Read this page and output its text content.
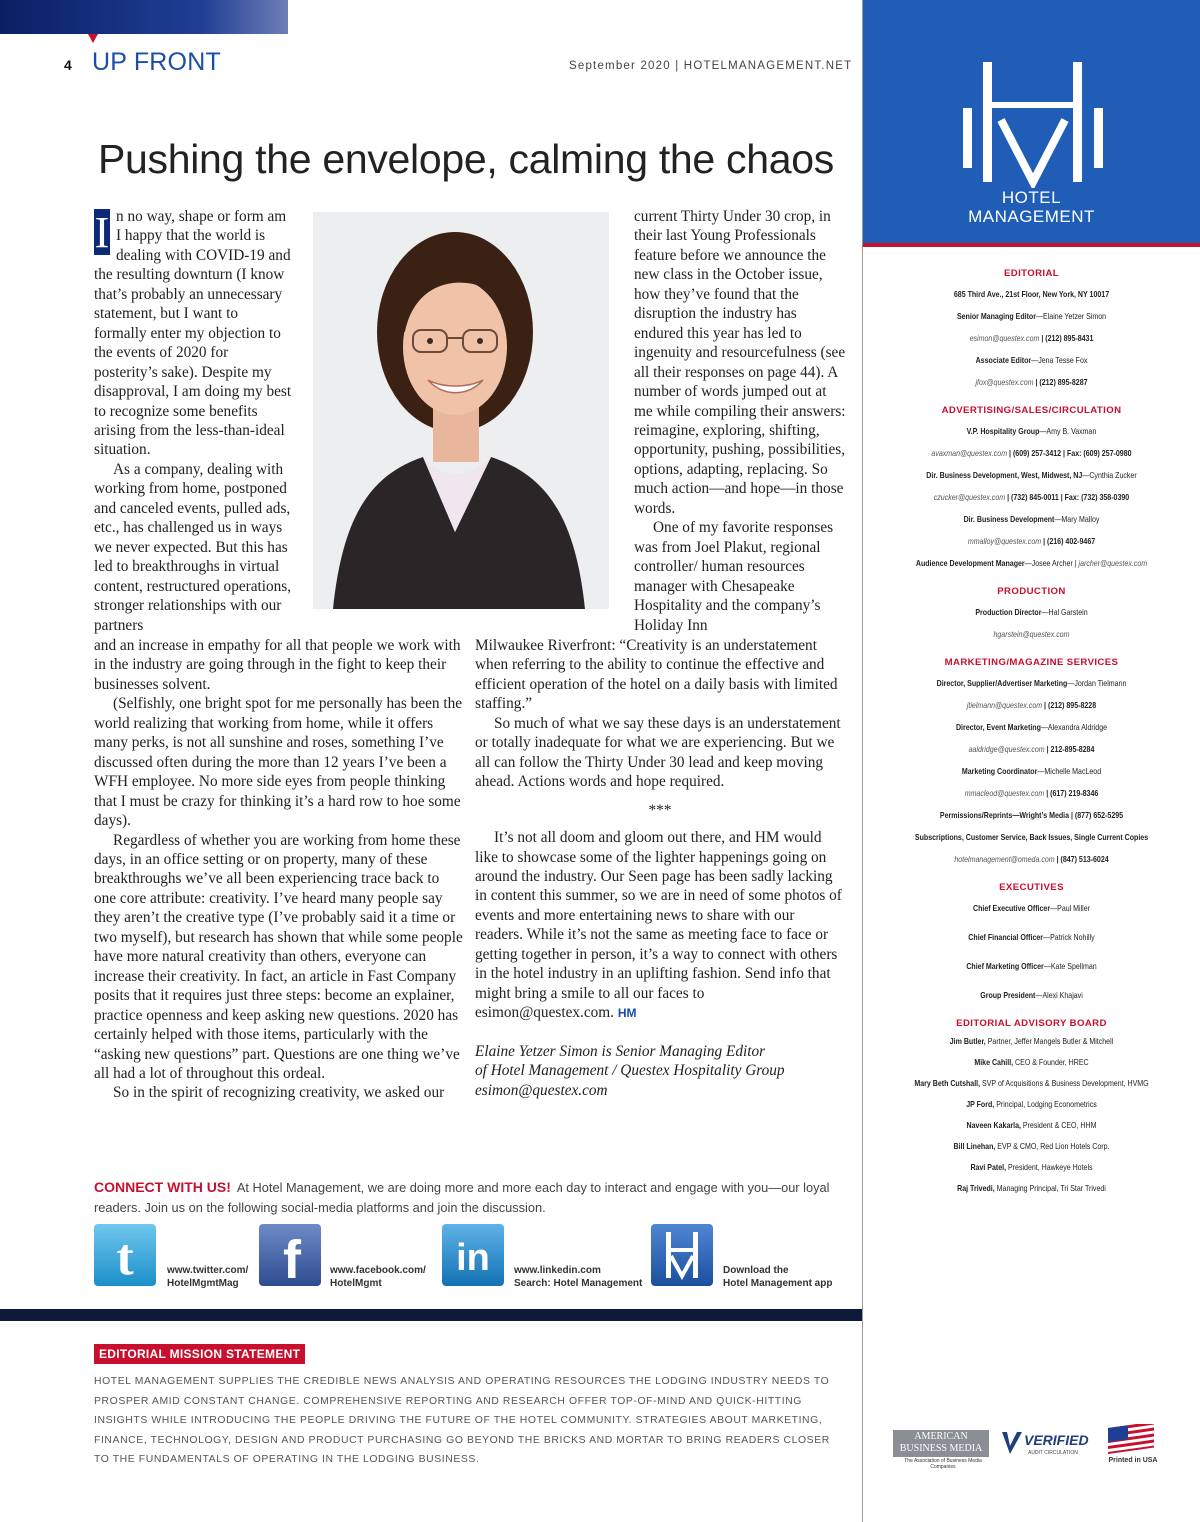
4 UP FRONT	September 2020 | HOTELMANAGEMENT.NET
Pushing the envelope, calming the chaos
I n no way, shape or form am I happy that the world is dealing with COVID-19 and the resulting downturn (I know that’s probably an unnecessary statement, but I want to formally enter my objection to the events of 2020 for posterity’s sake). Despite my disapproval, I am doing my best to recognize some benefits arising from the less-than-ideal situation.

As a company, dealing with working from home, postponed and canceled events, pulled ads, etc., has challenged us in ways we never expected. But this has led to breakthroughs in virtual content, restructured operations, stronger relationships with our partners

current Thirty Under 30 crop, in their last Young Professionals feature before we announce the new class in the October issue, how they’ve found that the disruption the industry has endured this year has led to ingenuity and resourcefulness (see all their responses on page 44). A number of words jumped out at me while compiling their answers: reimagine, exploring, shifting, opportunity, pushing, possibilities, options, adapting, replacing. So much action—and hope—in those words.

One of my favorite responses was from Joel Plakut, regional controller/ human resources manager with Chesapeake Hospitality and the company’s Holiday Inn

and an increase in empathy for all that people we work with in the industry are going through in the fight to keep their businesses solvent.

(Selfishly, one bright spot for me personally has been the world realizing that working from home, while it offers many perks, is not all sunshine and roses, something I’ve discussed often during the more than 12 years I’ve been a WFH employee. No more side eyes from people thinking that I must be crazy for thinking it’s a hard row to hoe some days).

Regardless of whether you are working from home these days, in an office setting or on property, many of these breakthroughs we’ve all been experiencing trace back to one core attribute: creativity. I’ve heard many people say they aren’t the creative type (I’ve probably said it a time or two myself), but research has shown that while some people have more natural creativity than others, everyone can increase their creativity. In fact, an article in Fast Company posits that it requires just three steps: become an explainer, practice openness and keep asking new questions. 2020 has certainly helped with those items, particularly with the “asking new questions” part. Questions are one thing we’ve all had a lot of throughout this ordeal.

So in the spirit of recognizing creativity, we asked our

Milwaukee Riverfront: “Creativity is an understatement when referring to the ability to continue the effective and efficient operation of the hotel on a daily basis with limited staffing.”

So much of what we say these days is an understatement or totally inadequate for what we are experiencing. But we all can follow the Thirty Under 30 lead and keep moving ahead. Actions words and hope required.

***

It’s not all doom and gloom out there, and HM would like to showcase some of the lighter happenings going on around the industry. Our Seen page has been sadly lacking in content this summer, so we are in need of some photos of events and more entertaining news to share with our readers. While it’s not the same as meeting face to face or getting together in person, it’s a way to connect with others in the hotel industry in an uplifting fashion. Send info that might bring a smile to all our faces to esimon@questex.com. HM

Elaine Yetzer Simon is Senior Managing Editor

of Hotel Management / Questex Hospitality Group

esimon@questex.com

CONNECT WITH US! At Hotel Management, we are doing more and more each day to interact and engage with you—our loyal readers. Join us on the following social-media platforms and join the discussion.
t	www.twitter.com/
HotelMgmtMag f	www.facebook.com/
HotelMgmt
in www.linkedin.com
Search: Hotel Management
Download the
Hotel Management app
EDITORIAL MISSION STATEMENT
HOTEL MANAGEMENT SUPPLIES THE CREDIBLE NEWS ANALYSIS AND OPERATING RESOURCES THE LODGING INDUSTRY NEEDS TO PROSPER AMID CONSTANT CHANGE. COMPREHENSIVE REPORTING AND RESEARCH OFFER TOP-OF-MIND AND QUICK-HITTING INSIGHTS WHILE INTRODUCING THE PEOPLE DRIVING THE FUTURE OF THE HOTEL COMMUNITY. STRATEGIES ABOUT MARKETING, FINANCE, TECHNOLOGY, DESIGN AND PRODUCT PURCHASING GO BEYOND THE BRICKS AND MORTAR TO BRING READERS CLOSER TO THE FUNDAMENTALS OF OPERATING IN THE LODGING BUSINESS.
HOTEL
MANAGEMENT
EDITORIAL
685 Third Ave., 21st Floor, New York, NY 10017
Senior Managing Editor—Elaine Yetzer Simon
esimon@questex.com | (212) 895-8431
Associate Editor—Jena Tesse Fox
jfox@questex.com | (212) 895-8287
ADVERTISING/SALES/CIRCULATION
V.P. Hospitality Group—Amy B. Vaxman
avaxman@questex.com | (609) 257-3412 | Fax: (609) 257-0980
Dir. Business Development, West, Midwest, NJ—Cynthia Zucker
czucker@questex.com | (732) 845-0011 | Fax: (732) 358-0390
Dir. Business Development—Mary Malloy
mmalloy@questex.com | (216) 402-9467
Audience Development Manager—Josee Archer | jarcher@questex.com
PRODUCTION
Production Director—Hal Garstein
hgarstein@questex.com
MARKETING/MAGAZINE SERVICES
Director, Supplier/Advertiser Marketing—Jordan Tielmann
jtielmann@questex.com | (212) 895-8228
Director, Event Marketing—Alexandra Aldridge
aaldridge@questex.com | 212-895-8284
Marketing Coordinator—Michelle MacLeod
mmacleod@questex.com | (617) 219-8346
Permissions/Reprints—Wright’s Media | (877) 652-5295
Subscriptions, Customer Service, Back Issues, Single Current Copies
hotelmanagement@omeda.com | (847) 513-6024
EXECUTIVES
Chief Executive Officer—Paul Miller
Chief Financial Officer—Patrick Nohilly
Chief Marketing Officer—Kate Spellman
Group President—Alexi Khajavi
EDITORIAL ADVISORY BOARD
Jim Butler, Partner, Jeffer Mangels Butler & Mitchell
Mike Cahill, CEO & Founder, HREC
Mary Beth Cutshall, SVP of Acquisitions & Business Development, HVMG
JP Ford, Principal, Lodging Econometrics
Naveen Kakarla, President & CEO, HHM
Bill Linehan, EVP & CMO, Red Lion Hotels Corp.
Ravi Patel, President, Hawkeye Hotels
Raj Trivedi, Managing Principal, Tri Star Trivedi
AMERICAN
BUSINESS MEDIA
The Association of Business Media Companies
VERIFIED
AUDIT CIRCULATION
Printed in USA
